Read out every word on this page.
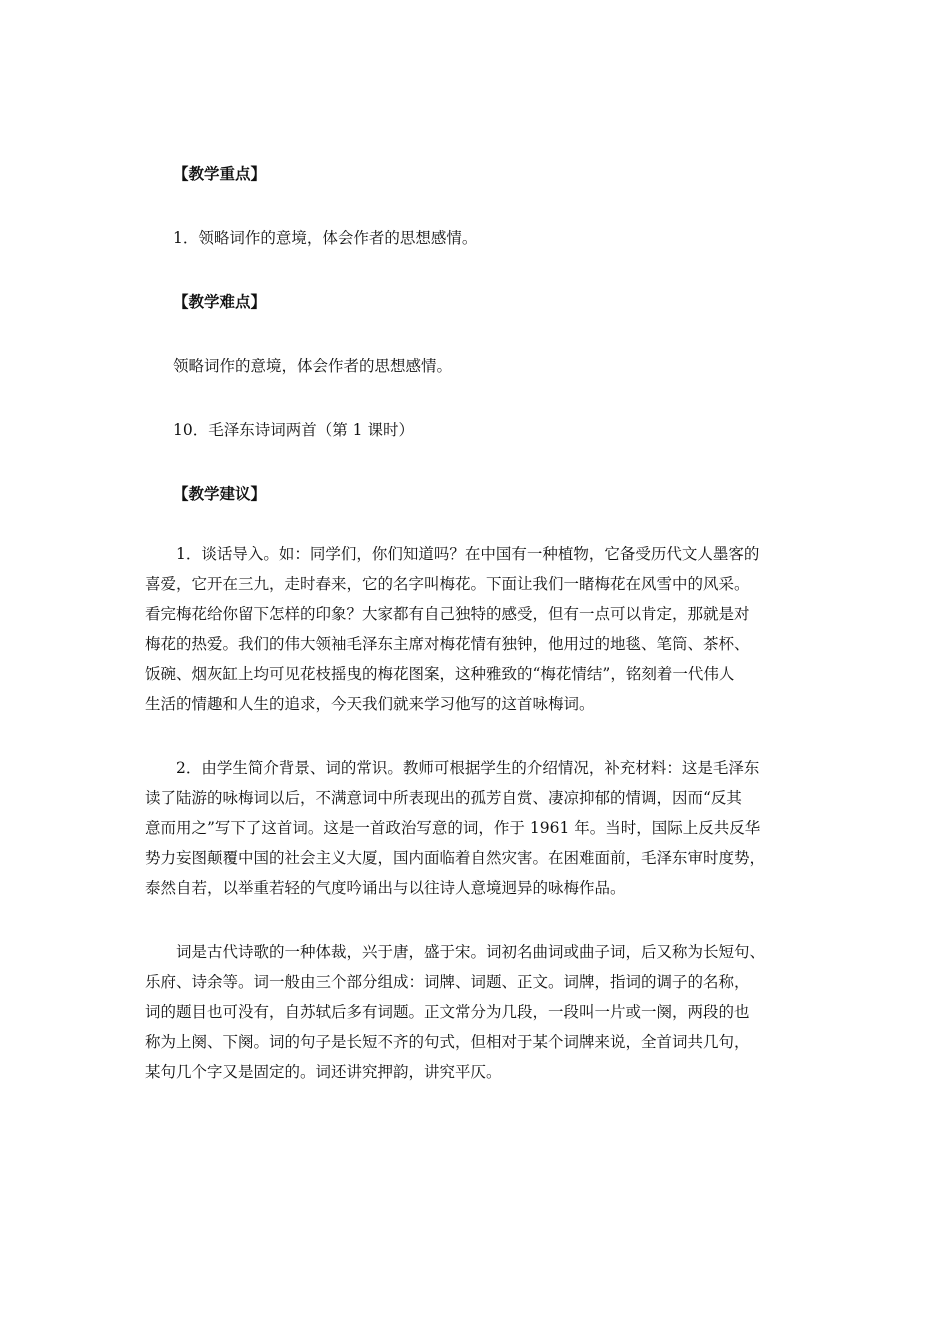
【教学重点】
1．领略词作的意境，体会作者的思想感情。
【教学难点】
领略词作的意境，体会作者的思想感情。
10．毛泽东诗词两首（第 1 课时）
【教学建议】
1．谈话导入。如：同学们，你们知道吗？在中国有一种植物，它备受历代文人墨客的
喜爱，它开在三九，走时春来，它的名字叫梅花。下面让我们一睹梅花在风雪中的风采。
看完梅花给你留下怎样的印象？大家都有自己独特的感受，但有一点可以肯定，那就是对
梅花的热爱。我们的伟大领袖毛泽东主席对梅花情有独钟，他用过的地毯、笔筒、茶杯、
饭碗、烟灰缸上均可见花枝摇曳的梅花图案，这种雅致的“梅花情结”，铭刻着一代伟人
生活的情趣和人生的追求，今天我们就来学习他写的这首咏梅词。
2．由学生简介背景、词的常识。教师可根据学生的介绍情况，补充材料：这是毛泽东
读了陆游的咏梅词以后，不满意词中所表现出的孤芳自赏、凄凉抑郁的情调，因而“反其
意而用之”写下了这首词。这是一首政治写意的词，作于 1961 年。当时，国际上反共反华
势力妄图颠覆中国的社会主义大厦，国内面临着自然灾害。在困难面前，毛泽东审时度势，
泰然自若，以举重若轻的气度吟诵出与以往诗人意境迥异的咏梅作品。
词是古代诗歌的一种体裁，兴于唐，盛于宋。词初名曲词或曲子词，后又称为长短句、
乐府、诗余等。词一般由三个部分组成：词牌、词题、正文。词牌，指词的调子的名称，
词的题目也可没有，自苏轼后多有词题。正文常分为几段，一段叫一片或一阕，两段的也
称为上阕、下阕。词的句子是长短不齐的句式，但相对于某个词牌来说，全首词共几句，
某句几个字又是固定的。词还讲究押韵，讲究平仄。
